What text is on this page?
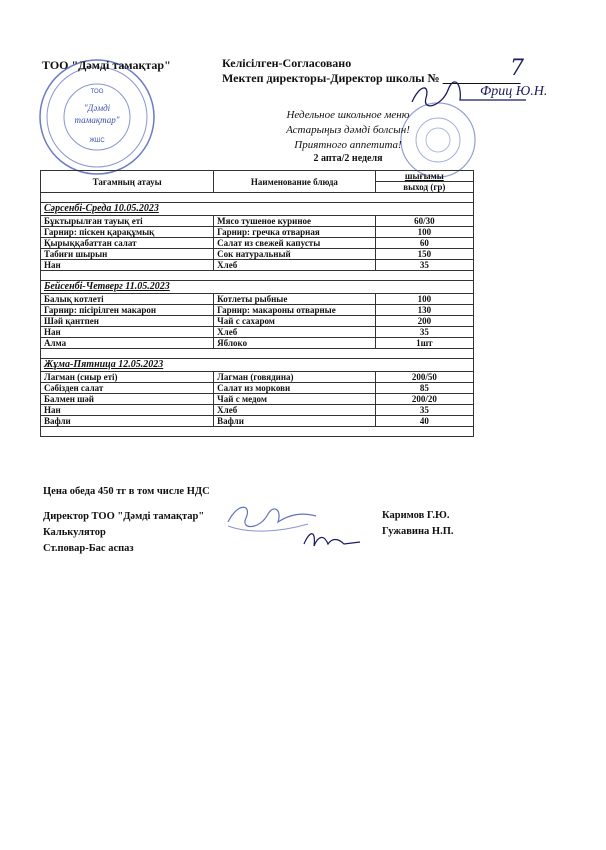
ТОО
"Дәмді
тамақтар"
ЖШС
ТОО "Дәмді тамақтар"	Келісілген-Согласовано
Мектеп директоры-Директор школы №	7
Фриц Ю.Н.
Недельное школьное меню
Астарыңыз дәмді болсын!
Приятного аппетита!
2 апта/2 неделя
Тағамның атауы	Наименование блюда	шығымы
		выход (гр)

Сәрсенбі-Среда 10.05.2023		
Бұктырылған тауық еті	Мясо тушеное куриное	60/30
Гарнир: піскен қарақұмық	Гарнир: гречка отварная	100
Қырыққабаттан салат	Салат из свежей капусты	60
Табиғи шырын	Сок натуральный	150
Нан	Хлеб	35

Бейсенбі-Четверг 11.05.2023		
Балық котлеті	Котлеты рыбные	100
Гарнир: пісірілген макарон	Гарнир: макароны отварные	130
Шәй қантпен	Чай с сахаром	200
Нан	Хлеб	35
Алма	Яблоко	1шт

Жұма-Пятница 12.05.2023		
Лагман (сиыр еті)	Лагман (говядина)	200/50
Сәбізден салат	Салат из моркови	85
Балмен шәй	Чай с медом	200/20
Нан	Хлеб	35
Вафли	Вафли	40

Цена обеда 450 тг в том числе НДС
Директор ТОО "Дәмді тамақтар"
Калькулятор
Ст.повар-Бас аспаз
Каримов Г.Ю.
Гужавина Н.П.
